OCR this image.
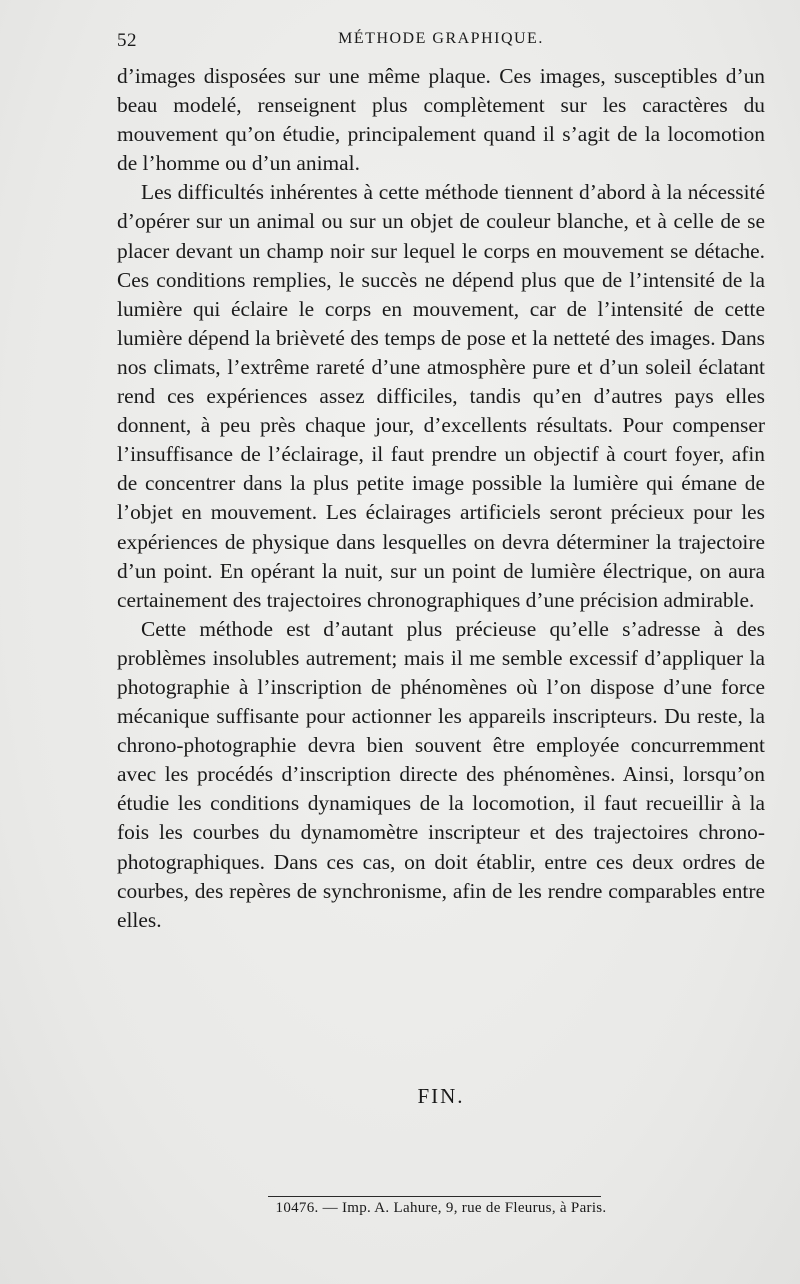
52	MÉTHODE GRAPHIQUE.

d’images disposées sur une même plaque. Ces images, susceptibles d’un beau modelé, renseignent plus complètement sur les caractères du mouvement qu’on étudie, principalement quand il s’agit de la locomotion de l’homme ou d’un animal.

Les difficultés inhérentes à cette méthode tiennent d’abord à la nécessité d’opérer sur un animal ou sur un objet de couleur blanche, et à celle de se placer devant un champ noir sur lequel le corps en mouvement se détache. Ces conditions remplies, le succès ne dépend plus que de l’intensité de la lumière qui éclaire le corps en mouvement, car de l’intensité de cette lumière dépend la brièveté des temps de pose et la netteté des images. Dans nos climats, l’extrême rareté d’une atmosphère pure et d’un soleil éclatant rend ces expériences assez difficiles, tandis qu’en d’autres pays elles donnent, à peu près chaque jour, d’excellents résultats. Pour compenser l’insuffisance de l’éclairage, il faut prendre un objectif à court foyer, afin de concentrer dans la plus petite image possible la lumière qui émane de l’objet en mouvement. Les éclairages artificiels seront précieux pour les expériences de physique dans lesquelles on devra déterminer la trajectoire d’un point. En opérant la nuit, sur un point de lumière électrique, on aura certainement des trajectoires chronographiques d’une précision admirable.

Cette méthode est d’autant plus précieuse qu’elle s’adresse à des problèmes insolubles autrement; mais il me semble excessif d’appliquer la photographie à l’inscription de phénomènes où l’on dispose d’une force mécanique suffisante pour actionner les appareils inscripteurs. Du reste, la chrono-photographie devra bien souvent être employée concurremment avec les procédés d’inscription directe des phénomènes. Ainsi, lorsqu’on étudie les conditions dynamiques de la locomotion, il faut recueillir à la fois les courbes du dynamomètre inscripteur et des trajectoires chrono-photographiques. Dans ces cas, on doit établir, entre ces deux ordres de courbes, des repères de synchronisme, afin de les rendre comparables entre elles.

FIN.
10476. — Imp. A. Lahure, 9, rue de Fleurus, à Paris.
